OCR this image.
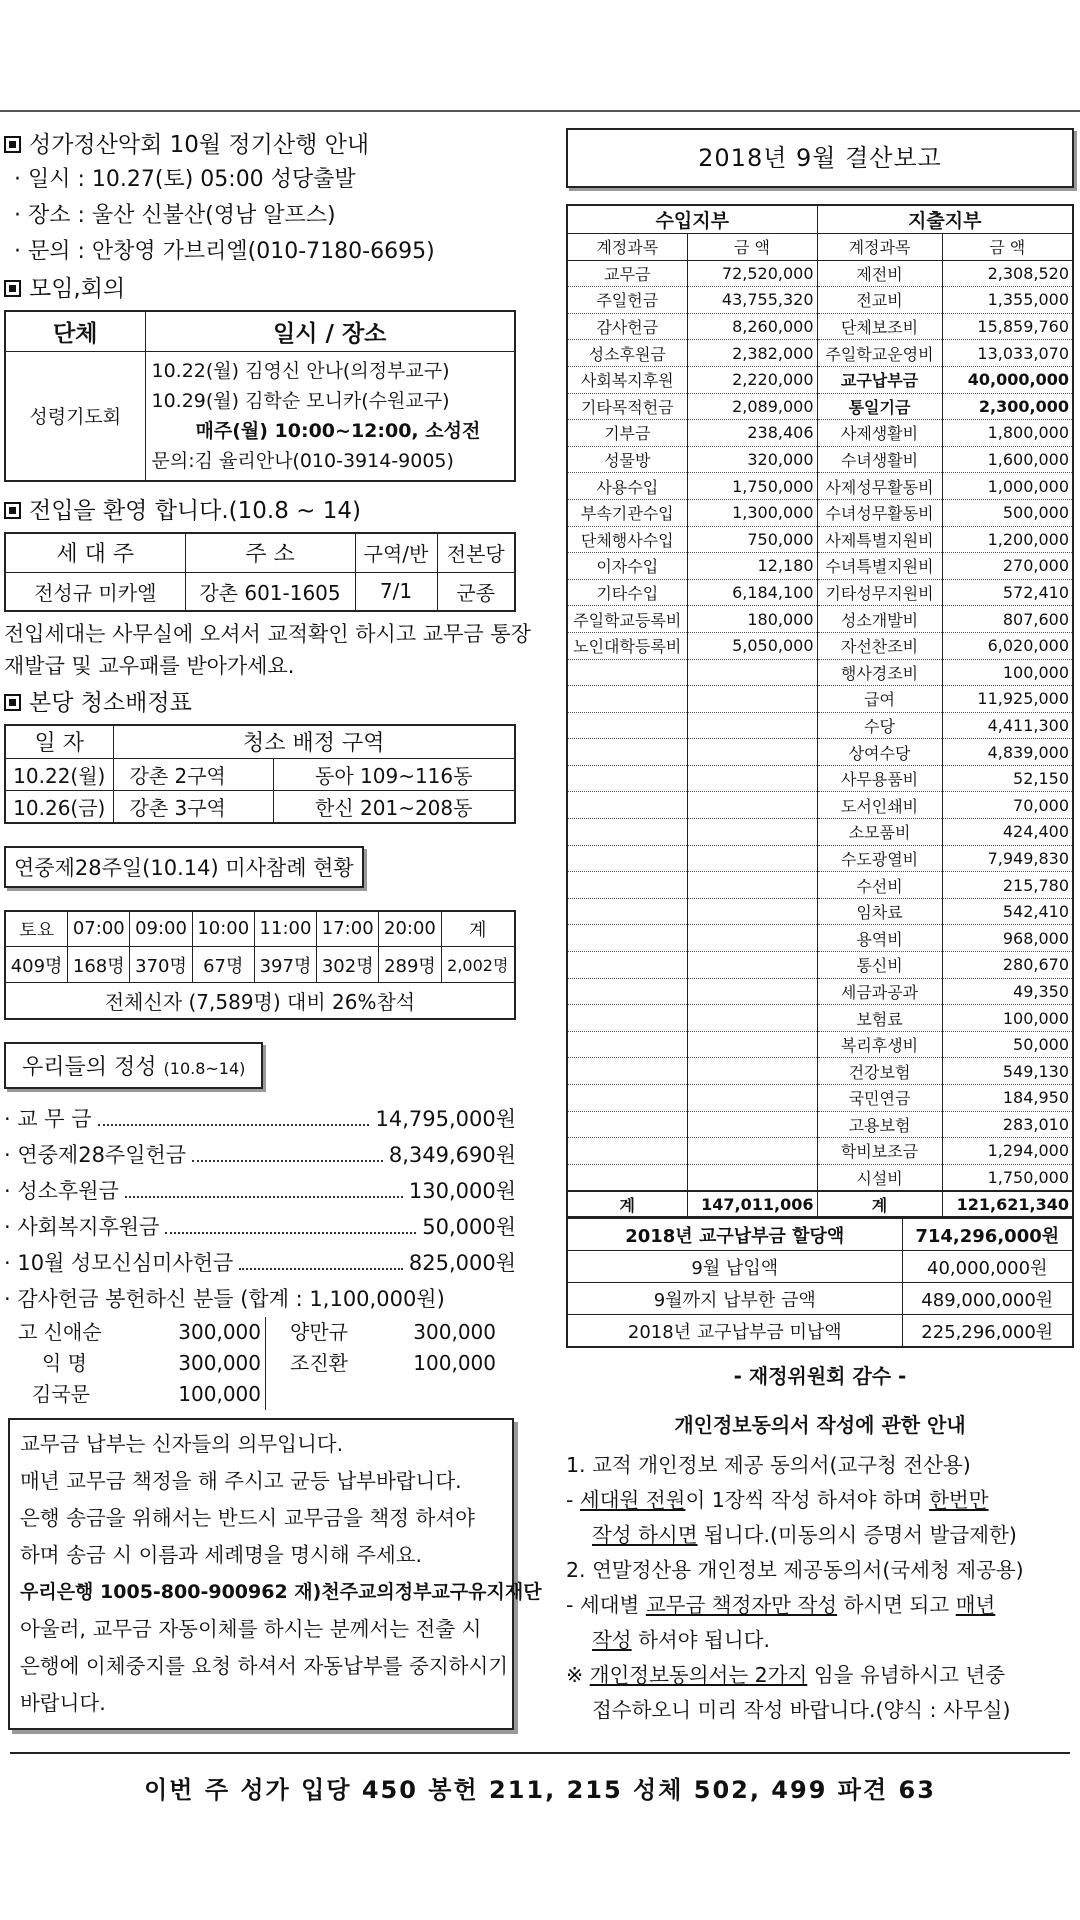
성가정산악회 10월 정기산행 안내
· 일시 : 10.27(토) 05:00 성당출발
· 장소 : 울산 신불산(영남 알프스)
· 문의 : 안창영 가브리엘(010-7180-6695)
모임,회의
단체	일시 / 장소
성령기도회	10.22(월) 김영신 안나(의정부교구)
10.29(월) 김학순 모니카(수원교구)
매주(월) 10:00~12:00, 소성전
문의:김 율리안나(010-3914-9005)
전입을 환영 합니다.(10.8 ~ 14)
세 대 주	주 소	구역/반	전본당
전성규 미카엘	강촌 601-1605	7/1	군종
전입세대는 사무실에 오셔서 교적확인 하시고 교무금 통장
재발급 및 교우패를 받아가세요.
본당 청소배정표
일 자	청소 배정 구역	
10.22(월)	강촌 2구역	동아 109~116동
10.26(금)	강촌 3구역	한신 201~208동
연중제28주일(10.14) 미사참례 현황
토요	07:00	09:00	10:00	11:00	17:00	20:00	계
409명	168명	370명	67명	397명	302명	289명	2,002명
전체신자 (7,589명) 대비 26%참석							
우리들의 정성 (10.8~14)
· 교 무 금	14,795,000원
· 연중제28주일헌금	8,349,690원
· 성소후원금	130,000원
· 사회복지후원금	50,000원
· 10월 성모신심미사헌금	825,000원
· 감사헌금 봉헌하신 분들 (합계 : 1,100,000원)
고 신애순	300,000	양만규	300,000
익 명	300,000	조진환	100,000
김국문	100,000
교무금 납부는 신자들의 의무입니다.
매년 교무금 책정을 해 주시고 균등 납부바랍니다.
은행 송금을 위해서는 반드시 교무금을 책정 하셔야
하며 송금 시 이름과 세례명을 명시해 주세요.
우리은행 1005-800-900962 재)천주교의정부교구유지재단
아울러, 교무금 자동이체를 하시는 분께서는 전출 시
은행에 이체중지를 요청 하셔서 자동납부를 중지하시기
바랍니다.
2018년 9월 결산보고
수입지부		지출지부	
계정과목	금 액	계정과목	금 액
교무금	72,520,000	제전비	2,308,520
주일헌금	43,755,320	전교비	1,355,000
감사헌금	8,260,000	단체보조비	15,859,760
성소후원금	2,382,000	주일학교운영비	13,033,070
사회복지후원	2,220,000	교구납부금	40,000,000
기타목적헌금	2,089,000	통일기금	2,300,000
기부금	238,406	사제생활비	1,800,000
성물방	320,000	수녀생활비	1,600,000
사용수입	1,750,000	사제성무활동비	1,000,000
부속기관수입	1,300,000	수녀성무활동비	500,000
단체행사수입	750,000	사제특별지원비	1,200,000
이자수입	12,180	수녀특별지원비	270,000
기타수입	6,184,100	기타성무지원비	572,410
주일학교등록비	180,000	성소개발비	807,600
노인대학등록비	5,050,000	자선찬조비	6,020,000
		행사경조비	100,000
		급여	11,925,000
		수당	4,411,300
		상여수당	4,839,000
		사무용품비	52,150
		도서인쇄비	70,000
		소모품비	424,400
		수도광열비	7,949,830
		수선비	215,780
		임차료	542,410
		용역비	968,000
		통신비	280,670
		세금과공과	49,350
		보험료	100,000
		복리후생비	50,000
		건강보험	549,130
		국민연금	184,950
		고용보험	283,010
		학비보조금	1,294,000
		시설비	1,750,000
계	147,011,006	계	121,621,340
2018년 교구납부금 할당액	714,296,000원
9월 납입액	40,000,000원
9월까지 납부한 금액	489,000,000원
2018년 교구납부금 미납액	225,296,000원
- 재정위원회 감수 -
개인정보동의서 작성에 관한 안내
1. 교적 개인정보 제공 동의서(교구청 전산용)
- 세대원 전원이 1장씩 작성 하셔야 하며 한번만
작성 하시면 됩니다.(미동의시 증명서 발급제한)
2. 연말정산용 개인정보 제공동의서(국세청 제공용)
- 세대별 교무금 책정자만 작성 하시면 되고 매년
작성 하셔야 됩니다.
※ 개인정보동의서는 2가지 임을 유념하시고 년중
접수하오니 미리 작성 바랍니다.(양식 : 사무실)
이번 주 성가 입당 450 봉헌 211, 215 성체 502, 499 파견 63
